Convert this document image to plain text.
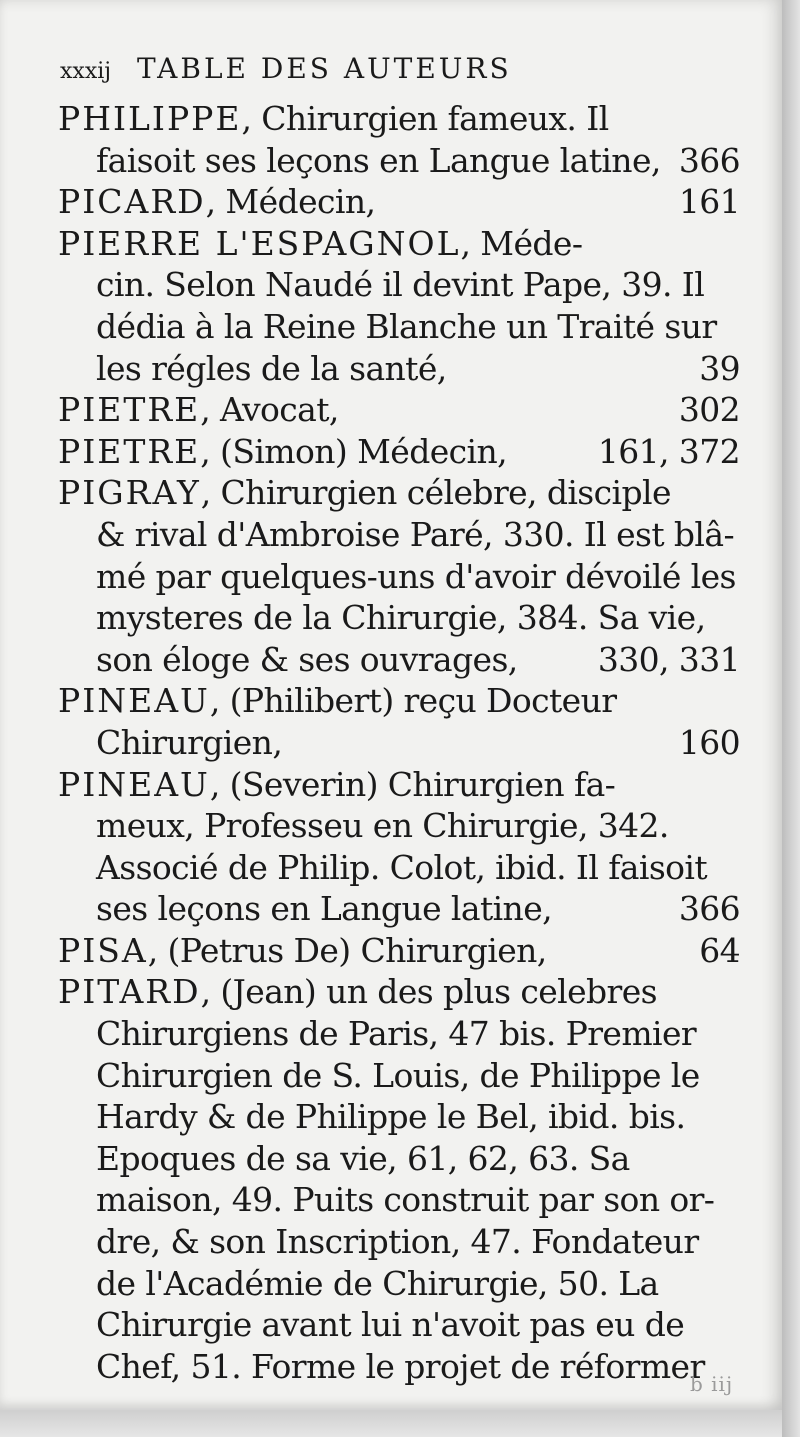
xxxij TABLE DES AUTEURS
PHILIPPE, Chirurgien fameux. Il
faisoit ses leçons en Langue latine, 366
PICARD, Médecin,	161
PIERRE L'ESPAGNOL, Méde-
cin. Selon Naudé il devint Pape, 39. Il
dédia à la Reine Blanche un Traité sur
les régles de la santé,	39
PIETRE, Avocat,	302
PIETRE, (Simon) Médecin,	161, 372
PIGRAY, Chirurgien célebre, disciple
& rival d'Ambroise Paré, 330. Il est blâ-
mé par quelques-uns d'avoir dévoilé les
mysteres de la Chirurgie, 384. Sa vie,
son éloge & ses ouvrages,	330, 331
PINEAU, (Philibert) reçu Docteur
Chirurgien,	160
PINEAU, (Severin) Chirurgien fa-
meux, Professeu en Chirurgie, 342.
Associé de Philip. Colot, ibid. Il faisoit
ses leçons en Langue latine,	366
PISA, (Petrus De) Chirurgien,	64
PITARD, (Jean) un des plus celebres
Chirurgiens de Paris, 47 bis. Premier
Chirurgien de S. Louis, de Philippe le
Hardy & de Philippe le Bel, ibid. bis.
Epoques de sa vie, 61, 62, 63. Sa
maison, 49. Puits construit par son or-
dre, & son Inscription, 47. Fondateur
de l'Académie de Chirurgie, 50. La
Chirurgie avant lui n'avoit pas eu de
Chef, 51. Forme le projet de réformer
b iij
